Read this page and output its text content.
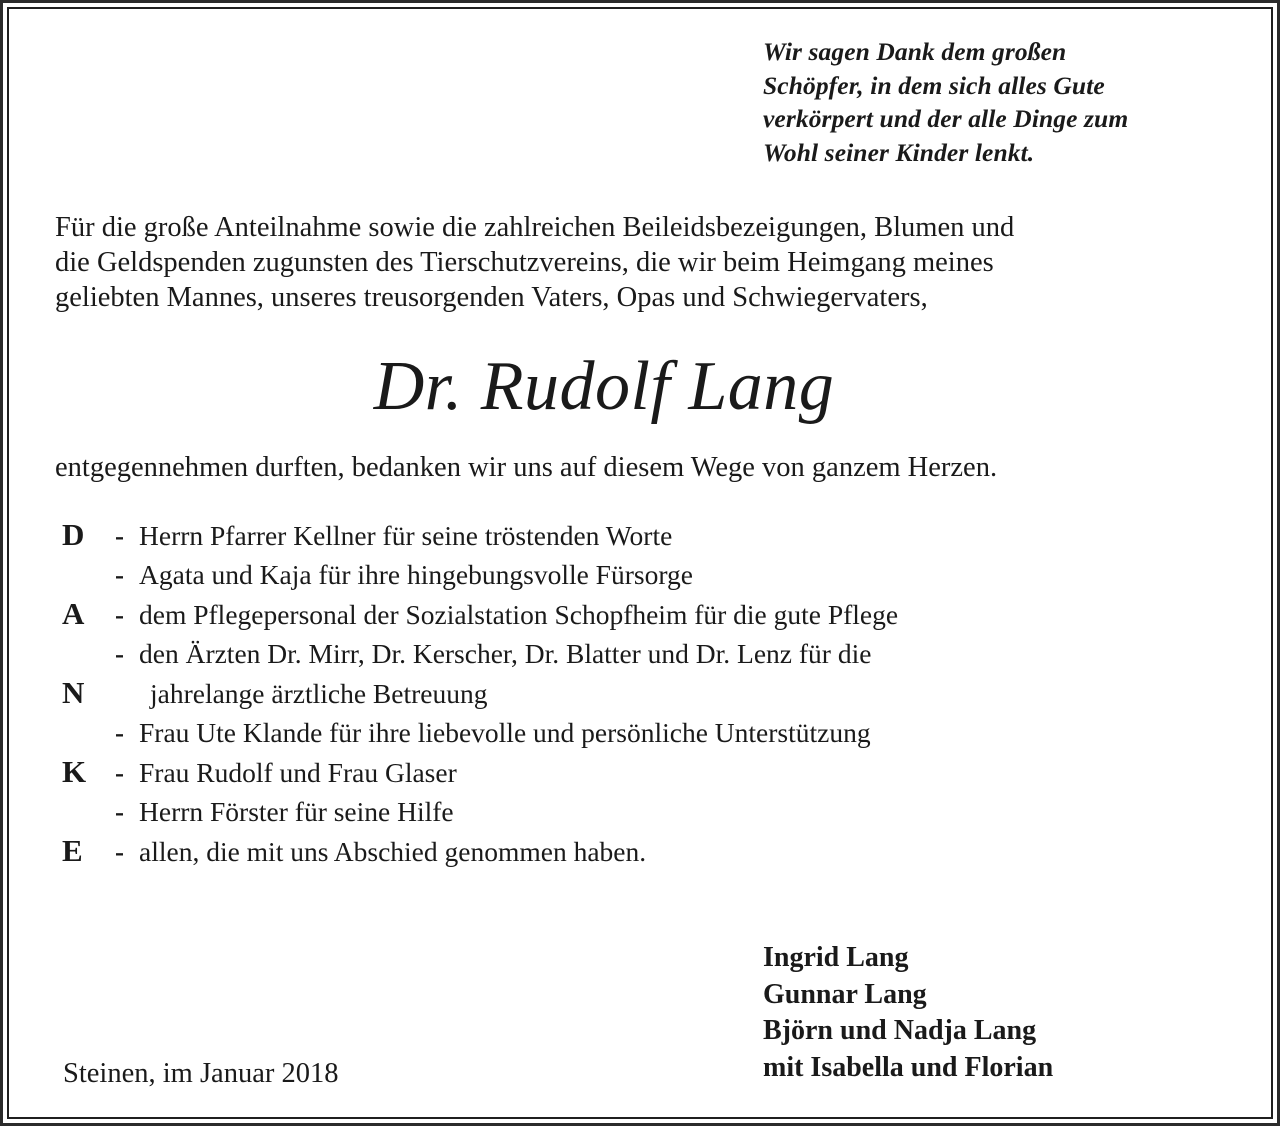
Wir sagen Dank dem großen

Schöpfer, in dem sich alles Gute

verkörpert und der alle Dinge zum

Wohl seiner Kinder lenkt.

Für die große Anteilnahme sowie die zahlreichen Beileidsbezeigungen, Blumen und

die Geldspenden zugunsten des Tierschutzvereins, die wir beim Heimgang meines

geliebten Mannes, unseres treusorgenden Vaters, Opas und Schwiegervaters,

Dr. Rudolf Lang
entgegennehmen durften, bedanken wir uns auf diesem Wege von ganzem Herzen.
D	- Herrn Pfarrer Kellner für seine tröstenden Worte
- Agata und Kaja für ihre hingebungsvolle Fürsorge
A	- dem Pflegepersonal der Sozialstation Schopfheim für die gute Pflege
- den Ärzten Dr. Mirr, Dr. Kerscher, Dr. Blatter und Dr. Lenz für die
N	jahrelange ärztliche Betreuung
- Frau Ute Klande für ihre liebevolle und persönliche Unterstützung
K	- Frau Rudolf und Frau Glaser
- Herrn Förster für seine Hilfe
E	- allen, die mit uns Abschied genommen haben.

Ingrid Lang

Gunnar Lang

Björn und Nadja Lang

mit Isabella und Florian

Steinen, im Januar 2018
